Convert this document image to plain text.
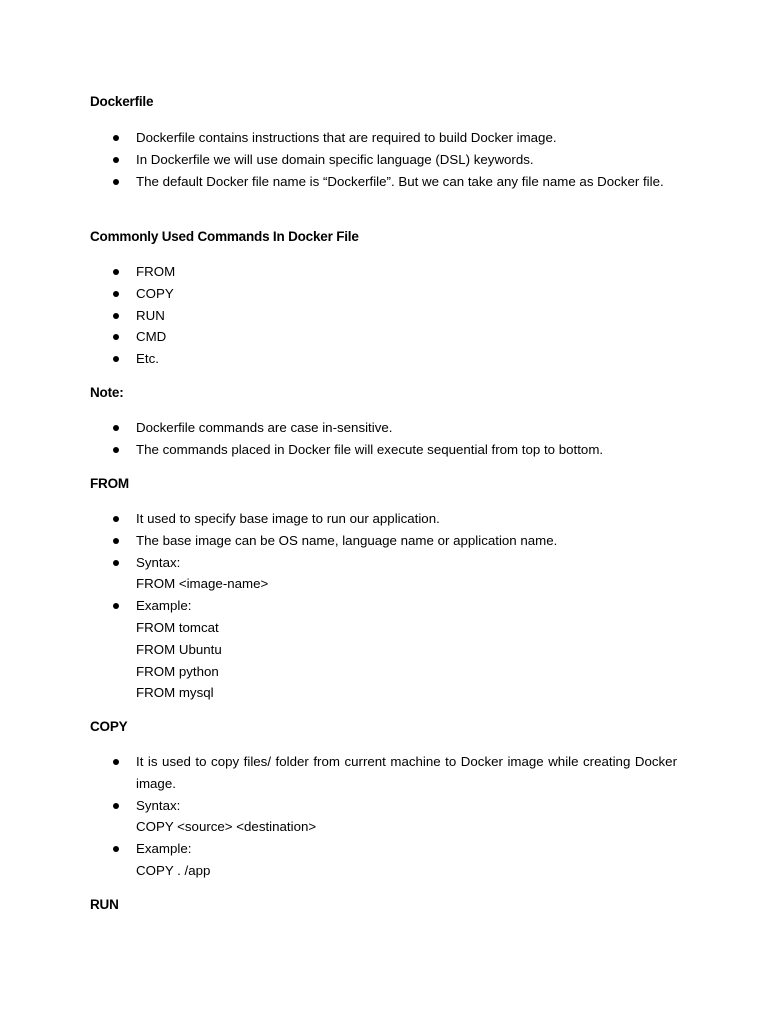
Dockerfile
Dockerfile contains instructions that are required to build Docker image.
In Dockerfile we will use domain specific language (DSL) keywords.
The default Docker file name is “Dockerfile”. But we can take any file name as Docker file.
Commonly Used Commands In Docker File
FROM
COPY
RUN
CMD
Etc.
Note:
Dockerfile commands are case in-sensitive.
The commands placed in Docker file will execute sequential from top to bottom.
FROM
It used to specify base image to run our application.
The base image can be OS name, language name or application name.
Syntax:
FROM <image-name>
Example:
FROM tomcat
FROM Ubuntu
FROM python
FROM mysql
COPY
It is used to copy files/ folder from current machine to Docker image while creating Docker image.
Syntax:
COPY <source> <destination>
Example:
COPY . /app
RUN
